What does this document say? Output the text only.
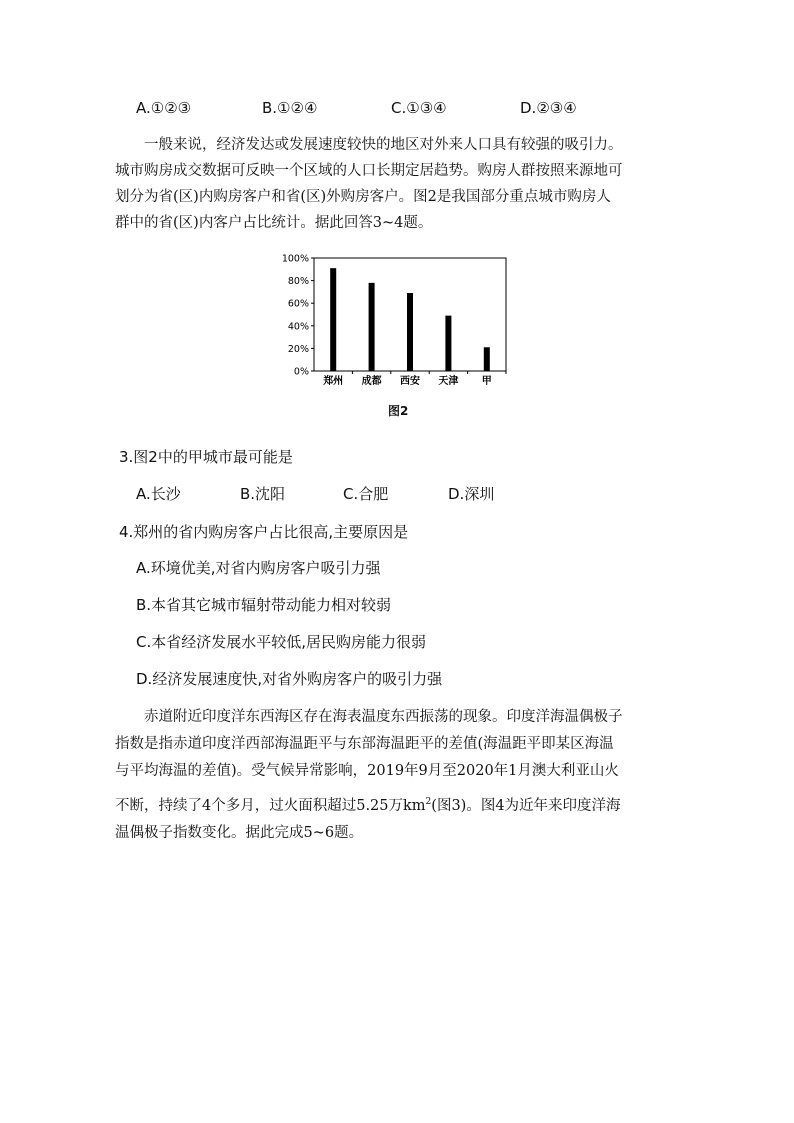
A.①②③	B.①②④	C.①③④	D.②③④

一般来说，经济发达或发展速度较快的地区对外来人口具有较强的吸引力。

城市购房成交数据可反映一个区域的人口长期定居趋势。购房人群按照来源地可

划分为省(区)内购房客户和省(区)外购房客户。图2是我国部分重点城市购房人

群中的省(区)内客户占比统计。据此回答3~4题。

0%
20%
40%
60%
80%
100%
郑州 成都 西安 天津 甲
图2
3.图2中的甲城市最可能是
A.长沙	B.沈阳	C.合肥	D.深圳
4.郑州的省内购房客户占比很高,主要原因是
A.环境优美,对省内购房客户吸引力强
B.本省其它城市辐射带动能力相对较弱
C.本省经济发展水平较低,居民购房能力很弱
D.经济发展速度快,对省外购房客户的吸引力强

赤道附近印度洋东西海区存在海表温度东西振荡的现象。印度洋海温偶极子

指数是指赤道印度洋西部海温距平与东部海温距平的差值(海温距平即某区海温

与平均海温的差值)。受气候异常影响，2019年9月至2020年1月澳大利亚山火

不断，持续了4个多月，过火面积超过5.25万$km^2$(图3)。图4为近年来印度洋海

温偶极子指数变化。据此完成5~6题。
